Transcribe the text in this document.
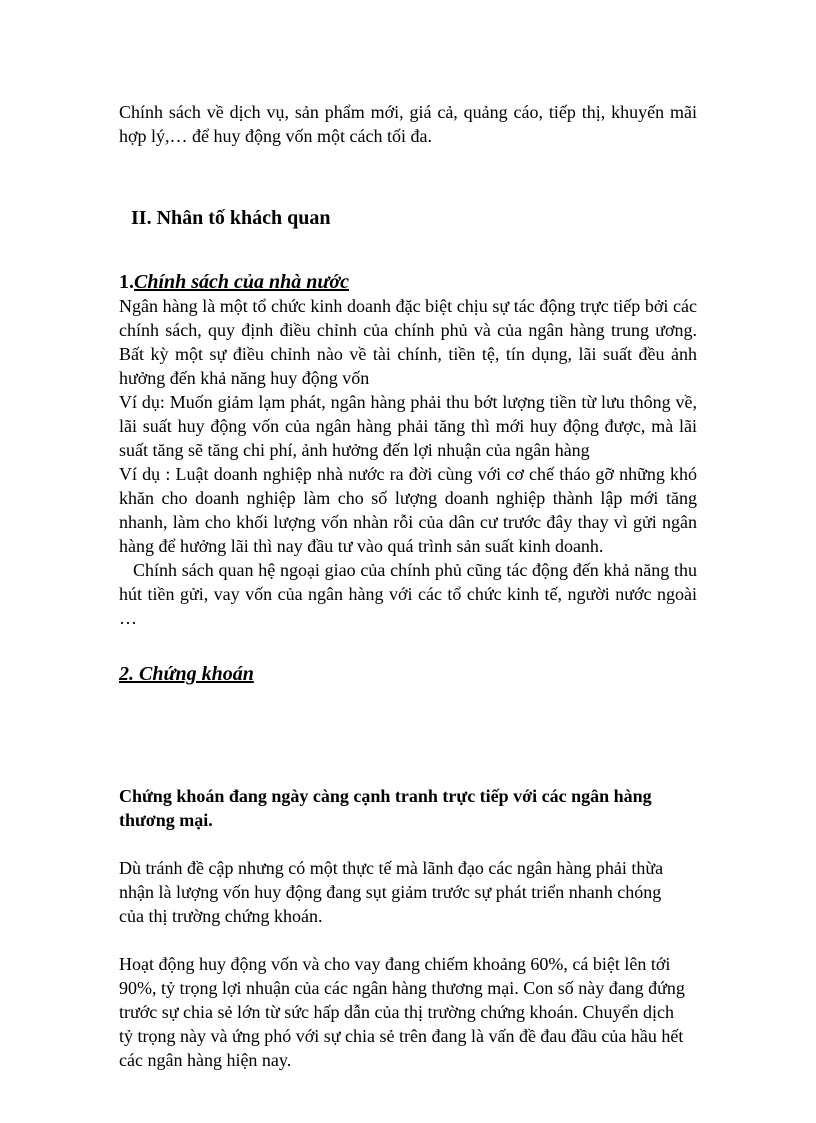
Chính sách về dịch vụ, sản phẩm mới, giá cả, quảng cáo, tiếp thị, khuyến mãi hợp lý,… để huy động vốn một cách tối đa.

II. Nhân tố khách quan
1.Chính sách của nhà nước

Ngân hàng là một tổ chức kinh doanh đặc biệt chịu sự tác động trực tiếp bởi các chính sách, quy định điều chỉnh của chính phủ và của ngân hàng trung ương. Bất kỳ một sự điều chỉnh nào về tài chính, tiền tệ, tín dụng, lãi suất đều ảnh hưởng đến khả năng huy động vốn

Ví dụ: Muốn giảm lạm phát, ngân hàng phải thu bớt lượng tiền từ lưu thông về, lãi suất huy động vốn của ngân hàng phải tăng thì mới huy động được, mà lãi suất tăng sẽ tăng chi phí, ảnh hưởng đến lợi nhuận của ngân hàng

Ví dụ : Luật doanh nghiệp nhà nước ra đời cùng với cơ chế tháo gỡ những khó khăn cho doanh nghiệp làm cho số lượng doanh nghiệp thành lập mới tăng nhanh, làm cho khối lượng vốn nhàn rỗi của dân cư trước đây thay vì gửi ngân hàng để hưởng lãi thì nay đầu tư vào quá trình sản suất kinh doanh.

Chính sách quan hệ ngoại giao của chính phủ cũng tác động đến khả năng thu hút tiền gửi, vay vốn của ngân hàng với các tổ chức kinh tế, người nước ngoài …

2. Chứng khoán

Chứng khoán đang ngày càng cạnh tranh trực tiếp với các ngân hàng thương mại.

Dù tránh đề cập nhưng có một thực tế mà lãnh đạo các ngân hàng phải thừa nhận là lượng vốn huy động đang sụt giảm trước sự phát triển nhanh chóng của thị trường chứng khoán.

Hoạt động huy động vốn và cho vay đang chiếm khoảng 60%, cá biệt lên tới 90%, tỷ trọng lợi nhuận của các ngân hàng thương mại. Con số này đang đứng trước sự chia sẻ lớn từ sức hấp dẫn của thị trường chứng khoán. Chuyển dịch tỷ trọng này và ứng phó với sự chia sẻ trên đang là vấn đề đau đầu của hầu hết các ngân hàng hiện nay.
